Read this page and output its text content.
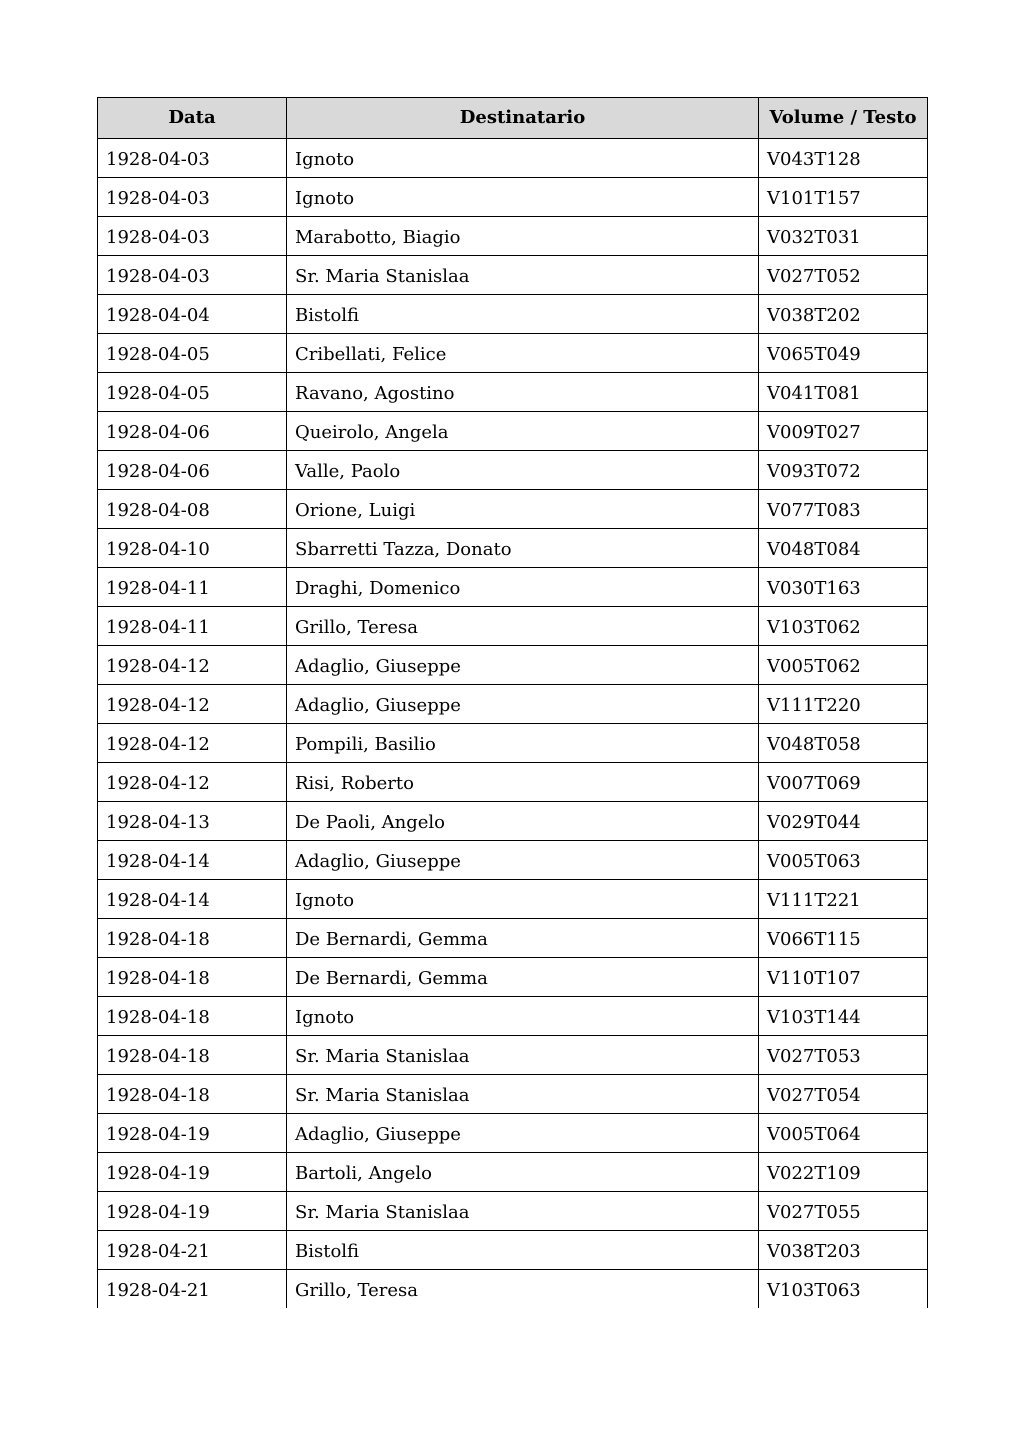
Data	Destinatario	Volume / Testo
1928-04-03	Ignoto	V043T128
1928-04-03	Ignoto	V101T157
1928-04-03	Marabotto, Biagio	V032T031
1928-04-03	Sr. Maria Stanislaa	V027T052
1928-04-04	Bistolfi	V038T202
1928-04-05	Cribellati, Felice	V065T049
1928-04-05	Ravano, Agostino	V041T081
1928-04-06	Queirolo, Angela	V009T027
1928-04-06	Valle, Paolo	V093T072
1928-04-08	Orione, Luigi	V077T083
1928-04-10	Sbarretti Tazza, Donato	V048T084
1928-04-11	Draghi, Domenico	V030T163
1928-04-11	Grillo, Teresa	V103T062
1928-04-12	Adaglio, Giuseppe	V005T062
1928-04-12	Adaglio, Giuseppe	V111T220
1928-04-12	Pompili, Basilio	V048T058
1928-04-12	Risi, Roberto	V007T069
1928-04-13	De Paoli, Angelo	V029T044
1928-04-14	Adaglio, Giuseppe	V005T063
1928-04-14	Ignoto	V111T221
1928-04-18	De Bernardi, Gemma	V066T115
1928-04-18	De Bernardi, Gemma	V110T107
1928-04-18	Ignoto	V103T144
1928-04-18	Sr. Maria Stanislaa	V027T053
1928-04-18	Sr. Maria Stanislaa	V027T054
1928-04-19	Adaglio, Giuseppe	V005T064
1928-04-19	Bartoli, Angelo	V022T109
1928-04-19	Sr. Maria Stanislaa	V027T055
1928-04-21	Bistolfi	V038T203
1928-04-21	Grillo, Teresa	V103T063
